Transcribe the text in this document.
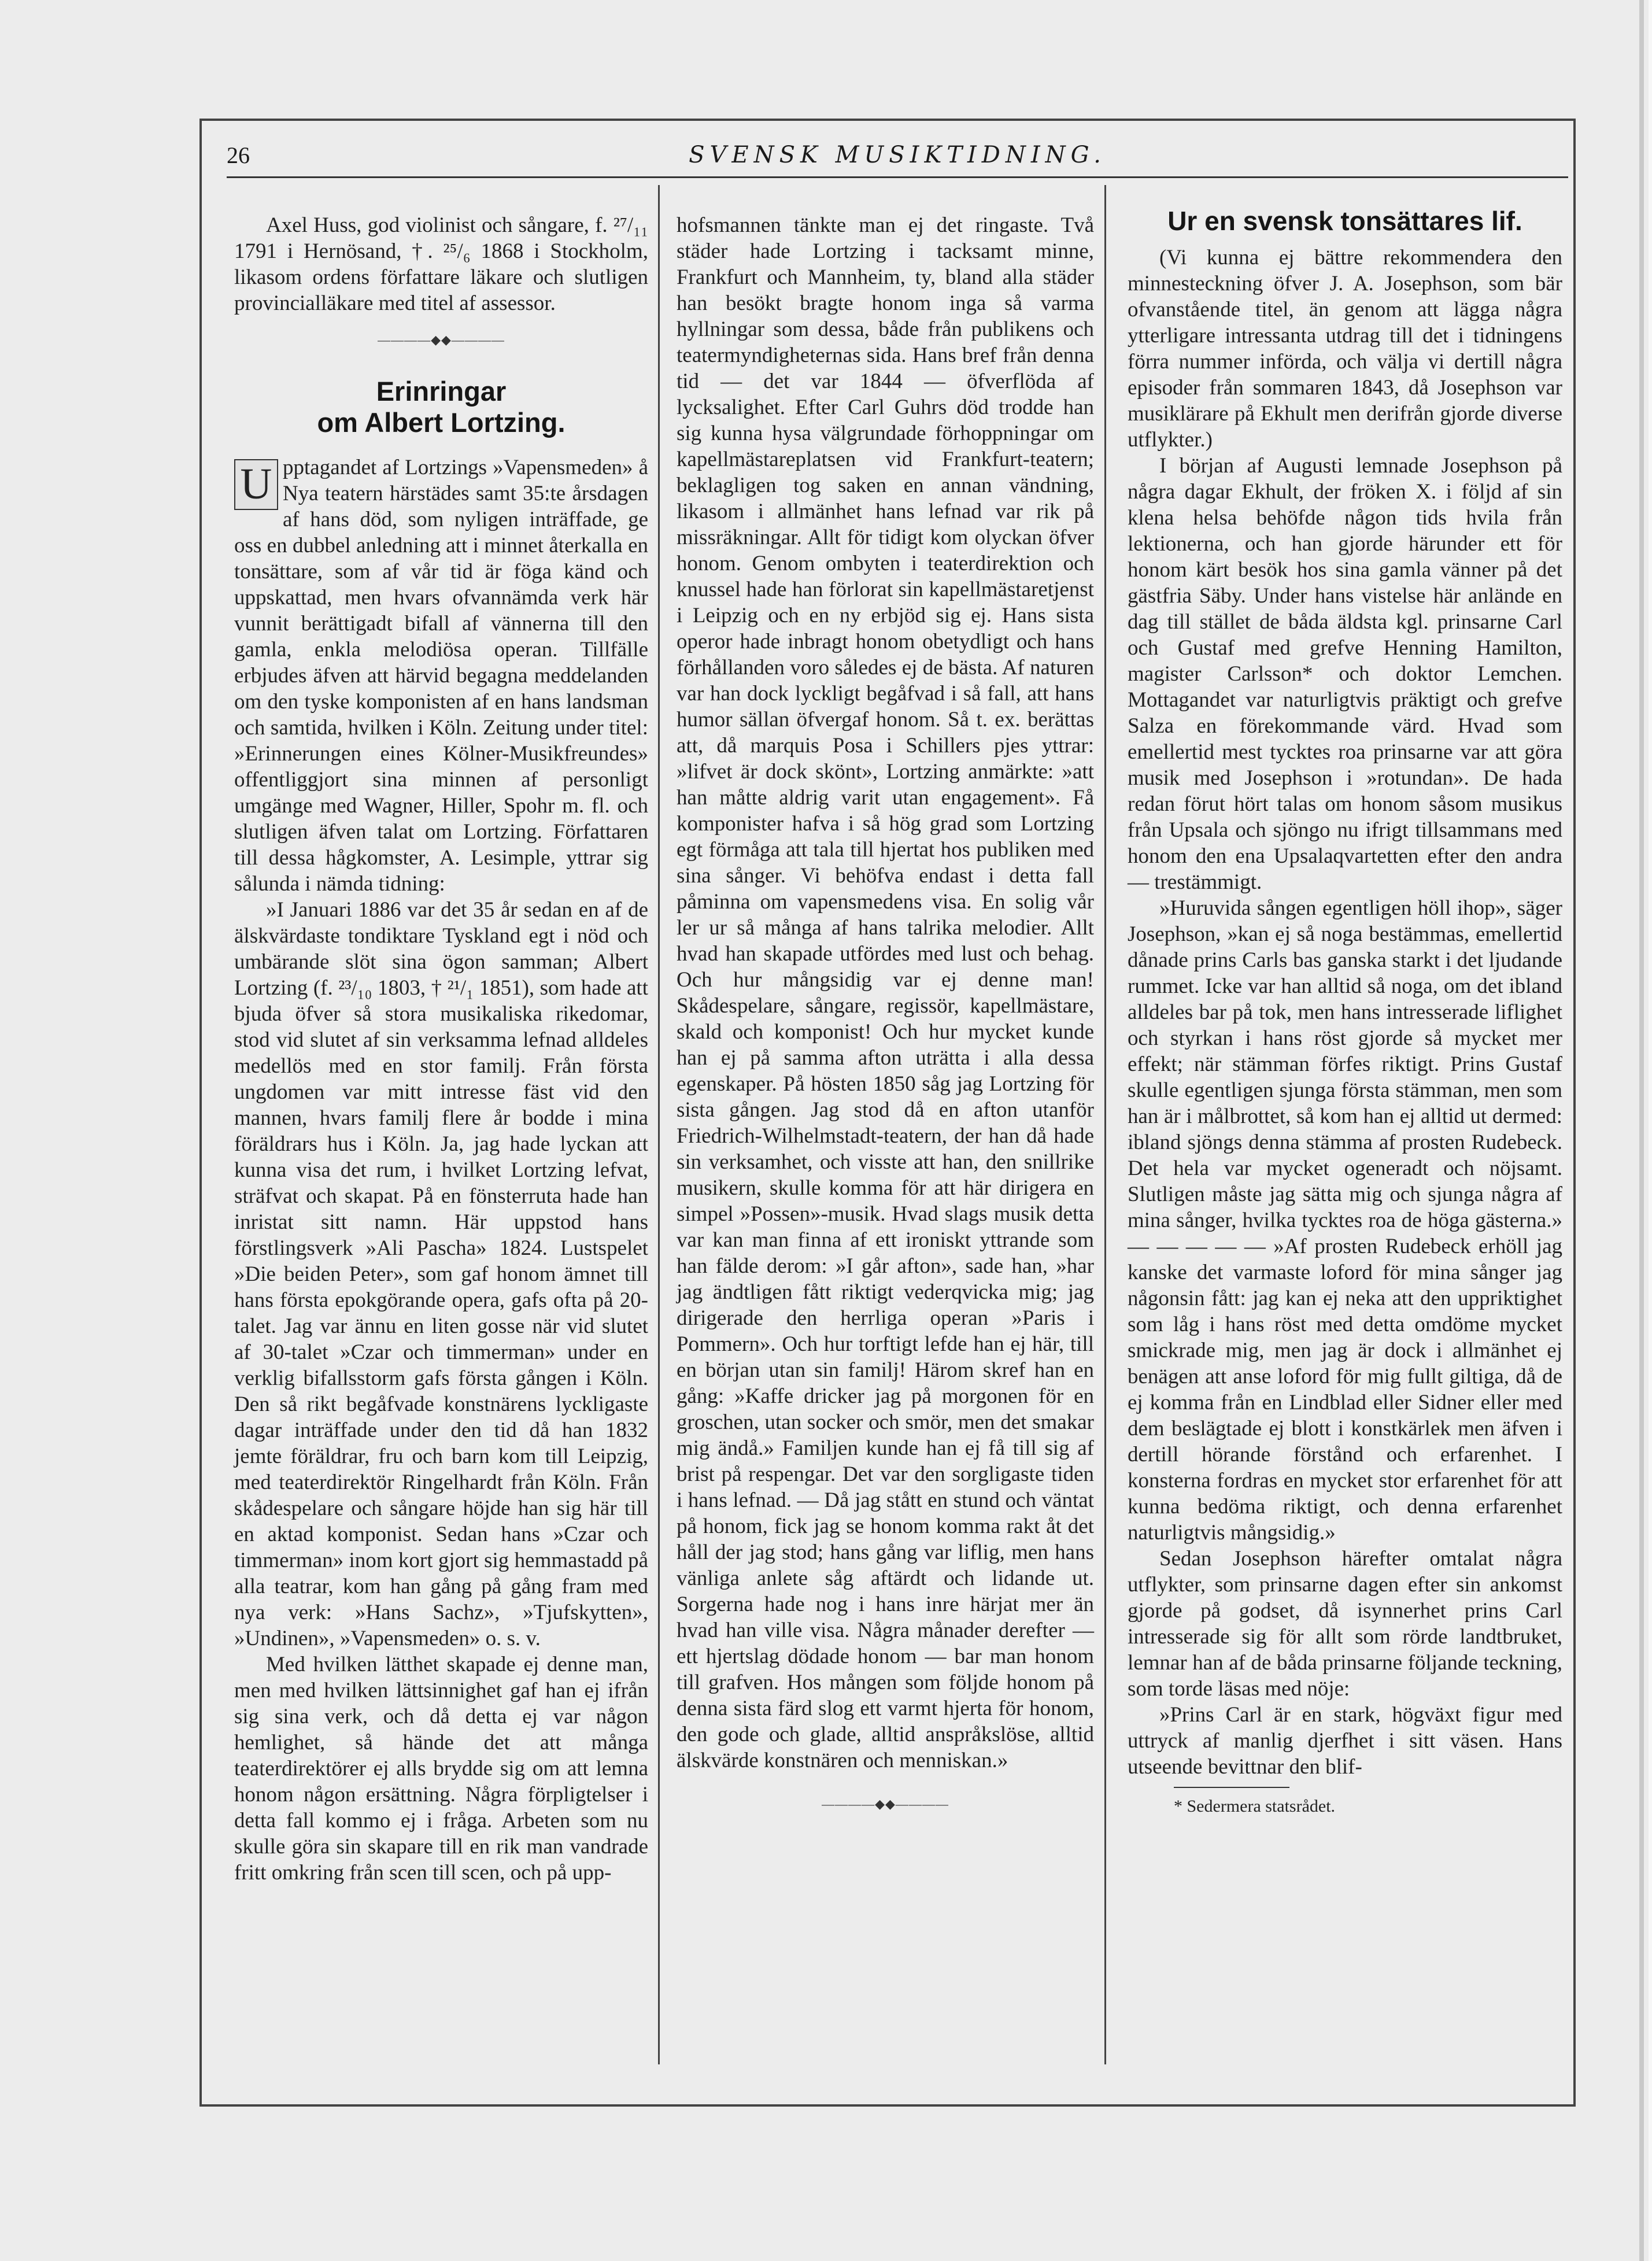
26	SVENSK MUSIKTIDNING.

Axel Huss, god violinist och sångare, f. ²⁷/₁₁ 1791 i Hernösand, †. ²⁵/₆ 1868 i Stockholm, likasom ordens författare läkare och slutligen provincialläkare med titel af assessor.

————◆◆————
Erinringar
om Albert Lortzing.

U pptagandet af Lortzings »Vapensmeden» å Nya teatern härstädes samt 35:te årsdagen af hans död, som nyligen inträffade, ge oss en dubbel anledning att i minnet återkalla en tonsättare, som af vår tid är föga känd och uppskattad, men hvars ofvannämda verk här vunnit berättigadt bifall af vännerna till den gamla, enkla melodiösa operan. Tillfälle erbjudes äfven att härvid begagna meddelanden om den tyske komponisten af en hans landsman och samtida, hvilken i Köln. Zeitung under titel: »Erinnerungen eines Kölner-Musikfreundes» offentliggjort sina minnen af personligt umgänge med Wagner, Hiller, Spohr m. fl. och slutligen äfven talat om Lortzing. Författaren till dessa hågkomster, A. Lesimple, yttrar sig sålunda i nämda tidning:

»I Januari 1886 var det 35 år sedan en af de älskvärdaste tondiktare Tyskland egt i nöd och umbärande slöt sina ögon samman; Albert Lortzing (f. ²³/₁₀ 1803, † ²¹/₁ 1851), som hade att bjuda öfver så stora musikaliska rikedomar, stod vid slutet af sin verksamma lefnad alldeles medellös med en stor familj. Från första ungdomen var mitt intresse fäst vid den mannen, hvars familj flere år bodde i mina föräldrars hus i Köln. Ja, jag hade lyckan att kunna visa det rum, i hvilket Lortzing lefvat, sträfvat och skapat. På en fönsterruta hade han inristat sitt namn. Här uppstod hans förstlingsverk »Ali Pascha» 1824. Lustspelet »Die beiden Peter», som gaf honom ämnet till hans första epokgörande opera, gafs ofta på 20-talet. Jag var ännu en liten gosse när vid slutet af 30-talet »Czar och timmerman» under en verklig bifallsstorm gafs första gången i Köln. Den så rikt begåfvade konstnärens lyckligaste dagar inträffade under den tid då han 1832 jemte föräldrar, fru och barn kom till Leipzig, med teaterdirektör Ringelhardt från Köln. Från skådespelare och sångare höjde han sig här till en aktad komponist. Sedan hans »Czar och timmerman» inom kort gjort sig hemmastadd på alla teatrar, kom han gång på gång fram med nya verk: »Hans Sachz», »Tjufskytten», »Undinen», »Vapensmeden» o. s. v.

Med hvilken lätthet skapade ej denne man, men med hvilken lättsinnighet gaf han ej ifrån sig sina verk, och då detta ej var någon hemlighet, så hände det att många teaterdirektörer ej alls brydde sig om att lemna honom någon ersättning. Några förpligtelser i detta fall kommo ej i fråga. Arbeten som nu skulle göra sin skapare till en rik man vandrade fritt omkring från scen till scen, och på upp-

hofsmannen tänkte man ej det ringaste. Två städer hade Lortzing i tacksamt minne, Frankfurt och Mannheim, ty, bland alla städer han besökt bragte honom inga så varma hyllningar som dessa, både från publikens och teatermyndigheternas sida. Hans bref från denna tid — det var 1844 — öfverflöda af lycksalighet. Efter Carl Guhrs död trodde han sig kunna hysa välgrundade förhoppningar om kapellmästareplatsen vid Frankfurt-teatern; beklagligen tog saken en annan vändning, likasom i allmänhet hans lefnad var rik på missräkningar. Allt för tidigt kom olyckan öfver honom. Genom ombyten i teaterdirektion och knussel hade han förlorat sin kapellmästaretjenst i Leipzig och en ny erbjöd sig ej. Hans sista operor hade inbragt honom obetydligt och hans förhållanden voro således ej de bästa. Af naturen var han dock lyckligt begåfvad i så fall, att hans humor sällan öfvergaf honom. Så t. ex. berättas att, då marquis Posa i Schillers pjes yttrar: »lifvet är dock skönt», Lortzing anmärkte: »att han måtte aldrig varit utan engagement». Få komponister hafva i så hög grad som Lortzing egt förmåga att tala till hjertat hos publiken med sina sånger. Vi behöfva endast i detta fall påminna om vapensmedens visa. En solig vår ler ur så många af hans talrika melodier. Allt hvad han skapade utfördes med lust och behag. Och hur mångsidig var ej denne man! Skådespelare, sångare, regissör, kapellmästare, skald och komponist! Och hur mycket kunde han ej på samma afton uträtta i alla dessa egenskaper. På hösten 1850 såg jag Lortzing för sista gången. Jag stod då en afton utanför Friedrich-Wilhelmstadt-teatern, der han då hade sin verksamhet, och visste att han, den snillrike musikern, skulle komma för att här dirigera en simpel »Possen»-musik. Hvad slags musik detta var kan man finna af ett ironiskt yttrande som han fälde derom: »I går afton», sade han, »har jag ändtligen fått riktigt vederqvicka mig; jag dirigerade den herrliga operan »Paris i Pommern». Och hur torftigt lefde han ej här, till en början utan sin familj! Härom skref han en gång: »Kaffe dricker jag på morgonen för en groschen, utan socker och smör, men det smakar mig ändå.» Familjen kunde han ej få till sig af brist på respengar. Det var den sorgligaste tiden i hans lefnad. — Då jag stått en stund och väntat på honom, fick jag se honom komma rakt åt det håll der jag stod; hans gång var liflig, men hans vänliga anlete såg aftärdt och lidande ut. Sorgerna hade nog i hans inre härjat mer än hvad han ville visa. Några månader derefter — ett hjertslag dödade honom — bar man honom till grafven. Hos mången som följde honom på denna sista färd slog ett varmt hjerta för honom, den gode och glade, alltid anspråkslöse, alltid älskvärde konstnären och menniskan.»

————◆◆————
Ur en svensk tonsättares lif.

(Vi kunna ej bättre rekommendera den minnesteckning öfver J. A. Josephson, som bär ofvanstående titel, än genom att lägga några ytterligare intressanta utdrag till det i tidningens förra nummer införda, och välja vi dertill några episoder från sommaren 1843, då Josephson var musiklärare på Ekhult men derifrån gjorde diverse utflykter.)

I början af Augusti lemnade Josephson på några dagar Ekhult, der fröken X. i följd af sin klena helsa behöfde någon tids hvila från lektionerna, och han gjorde härunder ett för honom kärt besök hos sina gamla vänner på det gästfria Säby. Under hans vistelse här anlände en dag till stället de båda äldsta kgl. prinsarne Carl och Gustaf med grefve Henning Hamilton, magister Carlsson* och doktor Lemchen. Mottagandet var naturligtvis präktigt och grefve Salza en förekommande värd. Hvad som emellertid mest tycktes roa prinsarne var att göra musik med Josephson i »rotundan». De hada redan förut hört talas om honom såsom musikus från Upsala och sjöngo nu ifrigt tillsammans med honom den ena Upsalaqvartetten efter den andra — trestämmigt.

»Huruvida sången egentligen höll ihop», säger Josephson, »kan ej så noga bestämmas, emellertid dånade prins Carls bas ganska starkt i det ljudande rummet. Icke var han alltid så noga, om det ibland alldeles bar på tok, men hans intresserade liflighet och styrkan i hans röst gjorde så mycket mer effekt; när stämman förfes riktigt. Prins Gustaf skulle egentligen sjunga första stämman, men som han är i målbrottet, så kom han ej alltid ut dermed: ibland sjöngs denna stämma af prosten Rudebeck. Det hela var mycket ogeneradt och nöjsamt. Slutligen måste jag sätta mig och sjunga några af mina sånger, hvilka tycktes roa de höga gästerna.» — — — — — »Af prosten Rudebeck erhöll jag kanske det varmaste loford för mina sånger jag någonsin fått: jag kan ej neka att den uppriktighet som låg i hans röst med detta omdöme mycket smickrade mig, men jag är dock i allmänhet ej benägen att anse loford för mig fullt giltiga, då de ej komma från en Lindblad eller Sidner eller med dem beslägtade ej blott i konstkärlek men äfven i dertill hörande förstånd och erfarenhet. I konsterna fordras en mycket stor erfarenhet för att kunna bedöma riktigt, och denna erfarenhet naturligtvis mångsidig.»

Sedan Josephson härefter omtalat några utflykter, som prinsarne dagen efter sin ankomst gjorde på godset, då isynnerhet prins Carl intresserade sig för allt som rörde landtbruket, lemnar han af de båda prinsarne följande teckning, som torde läsas med nöje:

»Prins Carl är en stark, högväxt figur med uttryck af manlig djerfhet i sitt väsen. Hans utseende bevittnar den blif-

* Sedermera statsrådet.
